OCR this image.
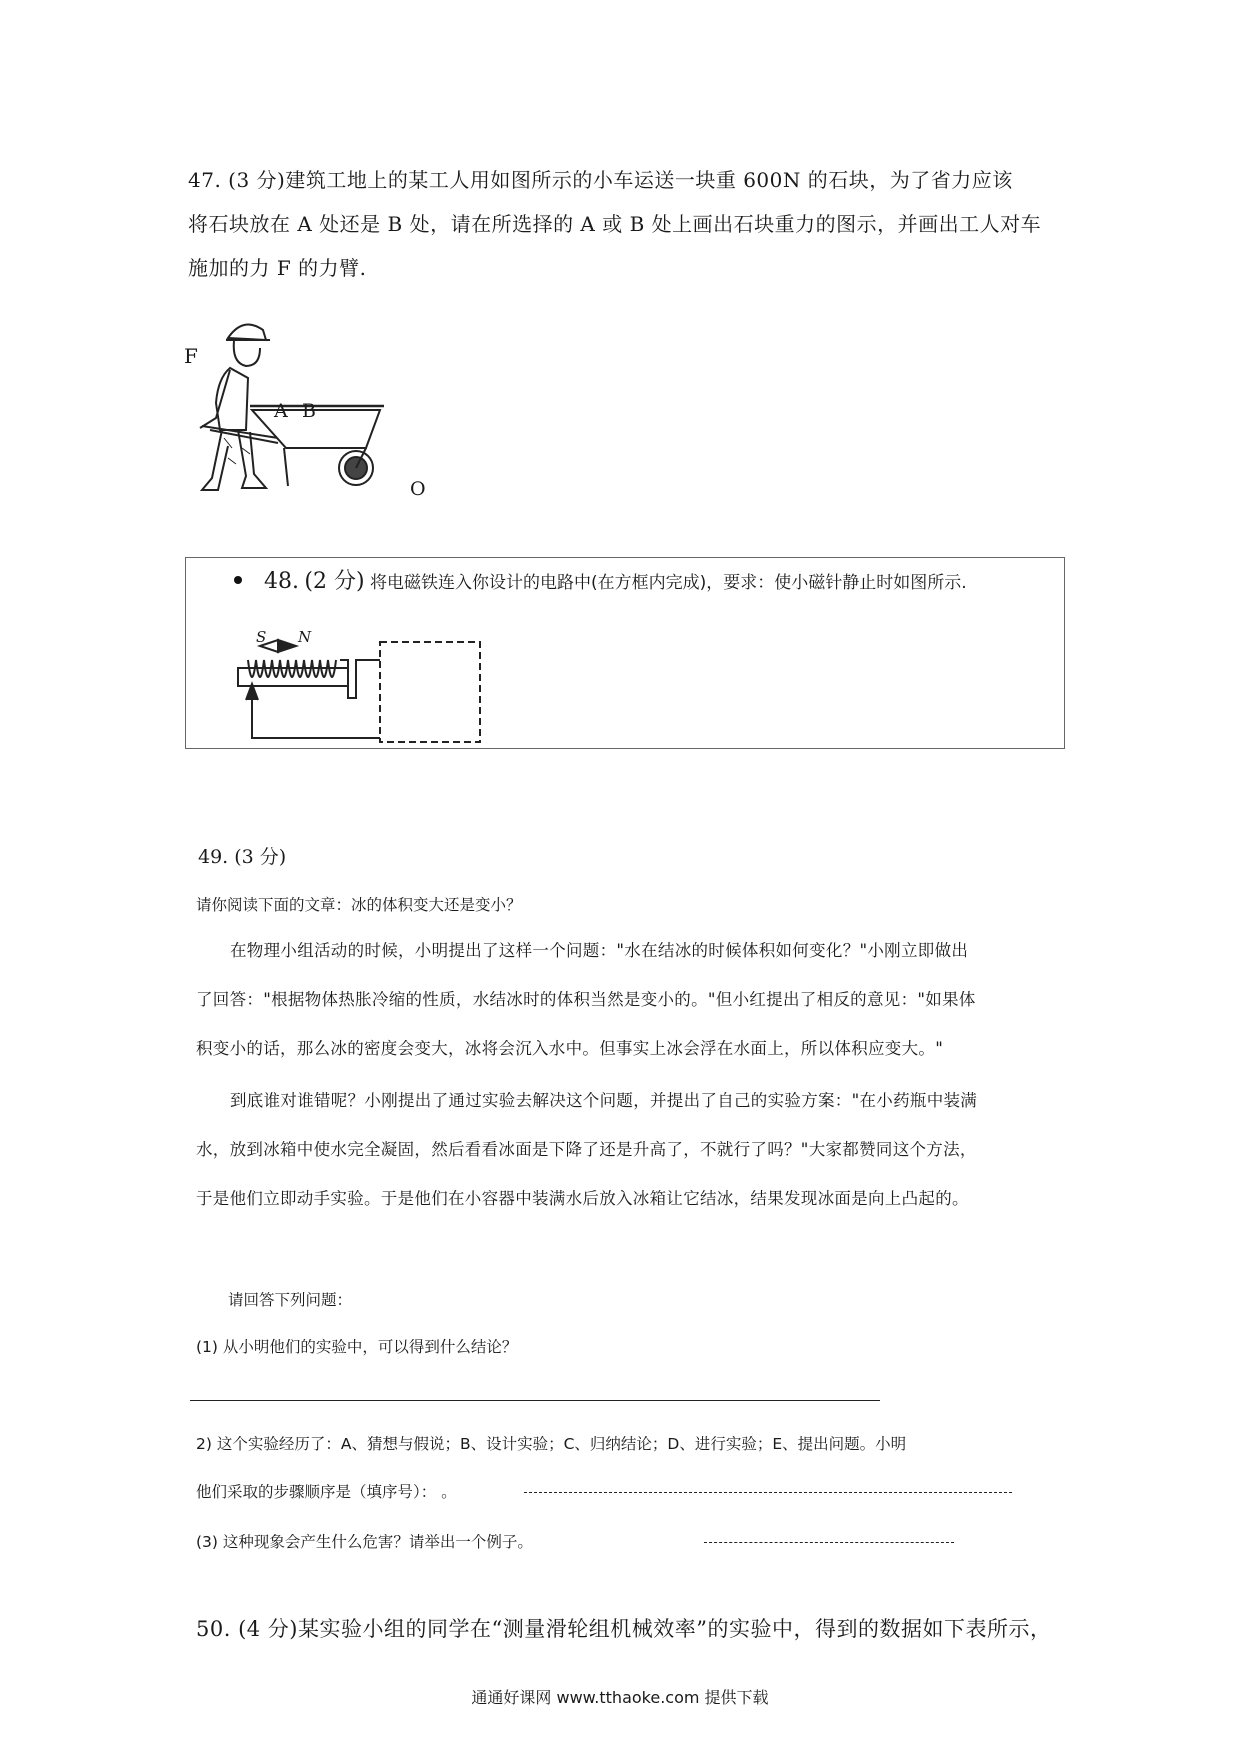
47. (3 分)建筑工地上的某工人用如图所示的小车运送一块重 600N 的石块，为了省力应该

将石块放在 A 处还是 B 处，请在所选择的 A 或 B 处上画出石块重力的图示，并画出工人对车

施加的力 F 的力臂.

F
A B
O
48. (2 分) 将电磁铁连入你设计的电路中(在方框内完成)，要求：使小磁针静止时如图所示.
S N
49. (3 分)
请你阅读下面的文章：冰的体积变大还是变小？

在物理小组活动的时候，小明提出了这样一个问题："水在结冰的时候体积如何变化？"小刚立即做出

了回答："根据物体热胀冷缩的性质，水结冰时的体积当然是变小的。"但小红提出了相反的意见："如果体

积变小的话，那么冰的密度会变大，冰将会沉入水中。但事实上冰会浮在水面上，所以体积应变大。"

到底谁对谁错呢？小刚提出了通过实验去解决这个问题，并提出了自己的实验方案："在小药瓶中装满

水，放到冰箱中使水完全凝固，然后看看冰面是下降了还是升高了，不就行了吗？"大家都赞同这个方法，

于是他们立即动手实验。于是他们在小容器中装满水后放入冰箱让它结冰，结果发现冰面是向上凸起的。

请回答下列问题：
(1) 从小明他们的实验中，可以得到什么结论？
2) 这个实验经历了：A、猜想与假说；B、设计实验；C、归纳结论；D、进行实验；E、提出问题。小明
他们采取的步骤顺序是（填序号）： 。
(3) 这种现象会产生什么危害？请举出一个例子。
50. (4 分)某实验小组的同学在“测量滑轮组机械效率”的实验中，得到的数据如下表所示，
通通好课网 www.tthaoke.com 提供下载
